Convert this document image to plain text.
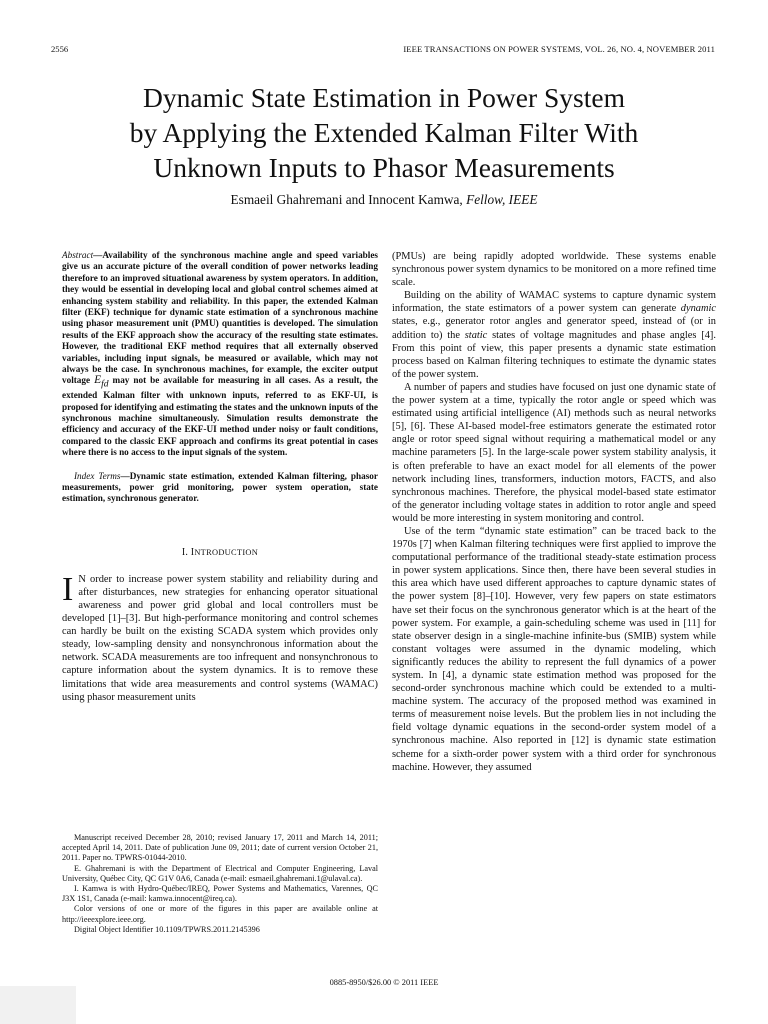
2556	IEEE TRANSACTIONS ON POWER SYSTEMS, VOL. 26, NO. 4, NOVEMBER 2011
Dynamic State Estimation in Power System
by Applying the Extended Kalman Filter With
Unknown Inputs to Phasor Measurements
Esmaeil Ghahremani and Innocent Kamwa, Fellow, IEEE

Abstract—Availability of the synchronous machine angle and speed variables give us an accurate picture of the overall condition of power networks leading therefore to an improved situational awareness by system operators. In addition, they would be essential in developing local and global control schemes aimed at enhancing system stability and reliability. In this paper, the extended Kalman filter (EKF) technique for dynamic state estimation of a synchronous machine using phasor measurement unit (PMU) quantities is developed. The simulation results of the EKF approach show the accuracy of the resulting state estimates. However, the traditional EKF method requires that all externally observed variables, including input signals, be measured or available, which may not always be the case. In synchronous machines, for example, the exciter output voltage $E_{fd}$ may not be available for measuring in all cases. As a result, the extended Kalman filter with unknown inputs, referred to as EKF-UI, is proposed for identifying and estimating the states and the unknown inputs of the synchronous machine simultaneously. Simulation results demonstrate the efficiency and accuracy of the EKF-UI method under noisy or fault conditions, compared to the classic EKF approach and confirms its great potential in cases where there is no access to the input signals of the system.

Index Terms—Dynamic state estimation, extended Kalman filtering, phasor measurements, power grid monitoring, power system operation, state estimation, synchronous generator.

I. INTRODUCTION

I N order to increase power system stability and reliability during and after disturbances, new strategies for enhancing operator situational awareness and power grid global and local controllers must be developed [1]–[3]. But high-performance monitoring and control schemes can hardly be built on the existing SCADA system which provides only steady, low-sampling density and nonsynchronous information about the network. SCADA measurements are too infrequent and nonsynchronous to capture information about the system dynamics. It is to remove these limitations that wide area measurements and control systems (WAMAC) using phasor measurement units

Manuscript received December 28, 2010; revised January 17, 2011 and March 14, 2011; accepted April 14, 2011. Date of publication June 09, 2011; date of current version October 21, 2011. Paper no. TPWRS-01044-2010.

E. Ghahremani is with the Department of Electrical and Computer Engineering, Laval University, Québec City, QC G1V 0A6, Canada (e-mail: esmaeil.ghahremani.1@ulaval.ca).

I. Kamwa is with Hydro-Québec/IREQ, Power Systems and Mathematics, Varennes, QC J3X 1S1, Canada (e-mail: kamwa.innocent@ireq.ca).

Color versions of one or more of the figures in this paper are available online at http://ieeexplore.ieee.org.

Digital Object Identifier 10.1109/TPWRS.2011.2145396

(PMUs) are being rapidly adopted worldwide. These systems enable synchronous power system dynamics to be monitored on a more refined time scale.

Building on the ability of WAMAC systems to capture dynamic system information, the state estimators of a power system can generate dynamic states, e.g., generator rotor angles and generator speed, instead of (or in addition to) the static states of voltage magnitudes and phase angles [4]. From this point of view, this paper presents a dynamic state estimation process based on Kalman filtering techniques to estimate the dynamic states of the power system.

A number of papers and studies have focused on just one dynamic state of the power system at a time, typically the rotor angle or speed which was estimated using artificial intelligence (AI) methods such as neural networks [5], [6]. These AI-based model-free estimators generate the estimated rotor angle or rotor speed signal without requiring a mathematical model or any machine parameters [5]. In the large-scale power system stability analysis, it is often preferable to have an exact model for all elements of the power network including lines, transformers, induction motors, FACTS, and also synchronous machines. Therefore, the physical model-based state estimator of the generator including voltage states in addition to rotor angle and speed would be more interesting in system monitoring and control.

Use of the term “dynamic state estimation” can be traced back to the 1970s [7] when Kalman filtering techniques were first applied to improve the computational performance of the traditional steady-state estimation process in power system applications. Since then, there have been several studies in this area which have used different approaches to capture dynamic states of the power system [8]–[10]. However, very few papers on state estimators have set their focus on the synchronous generator which is at the heart of the power system. For example, a gain-scheduling scheme was used in [11] for state observer design in a single-machine infinite-bus (SMIB) system while constant voltages were assumed in the dynamic modeling, which significantly reduces the ability to represent the full dynamics of a power system. In [4], a dynamic state estimation method was proposed for the second-order synchronous machine which could be extended to a multi-machine system. The accuracy of the proposed method was examined in terms of measurement noise levels. But the problem lies in not including the field voltage dynamic equations in the second-order system model of a synchronous machine. Also reported in [12] is dynamic state estimation scheme for a sixth-order power system with a third order for synchronous machine. However, they assumed

0885-8950/$26.00 © 2011 IEEE
